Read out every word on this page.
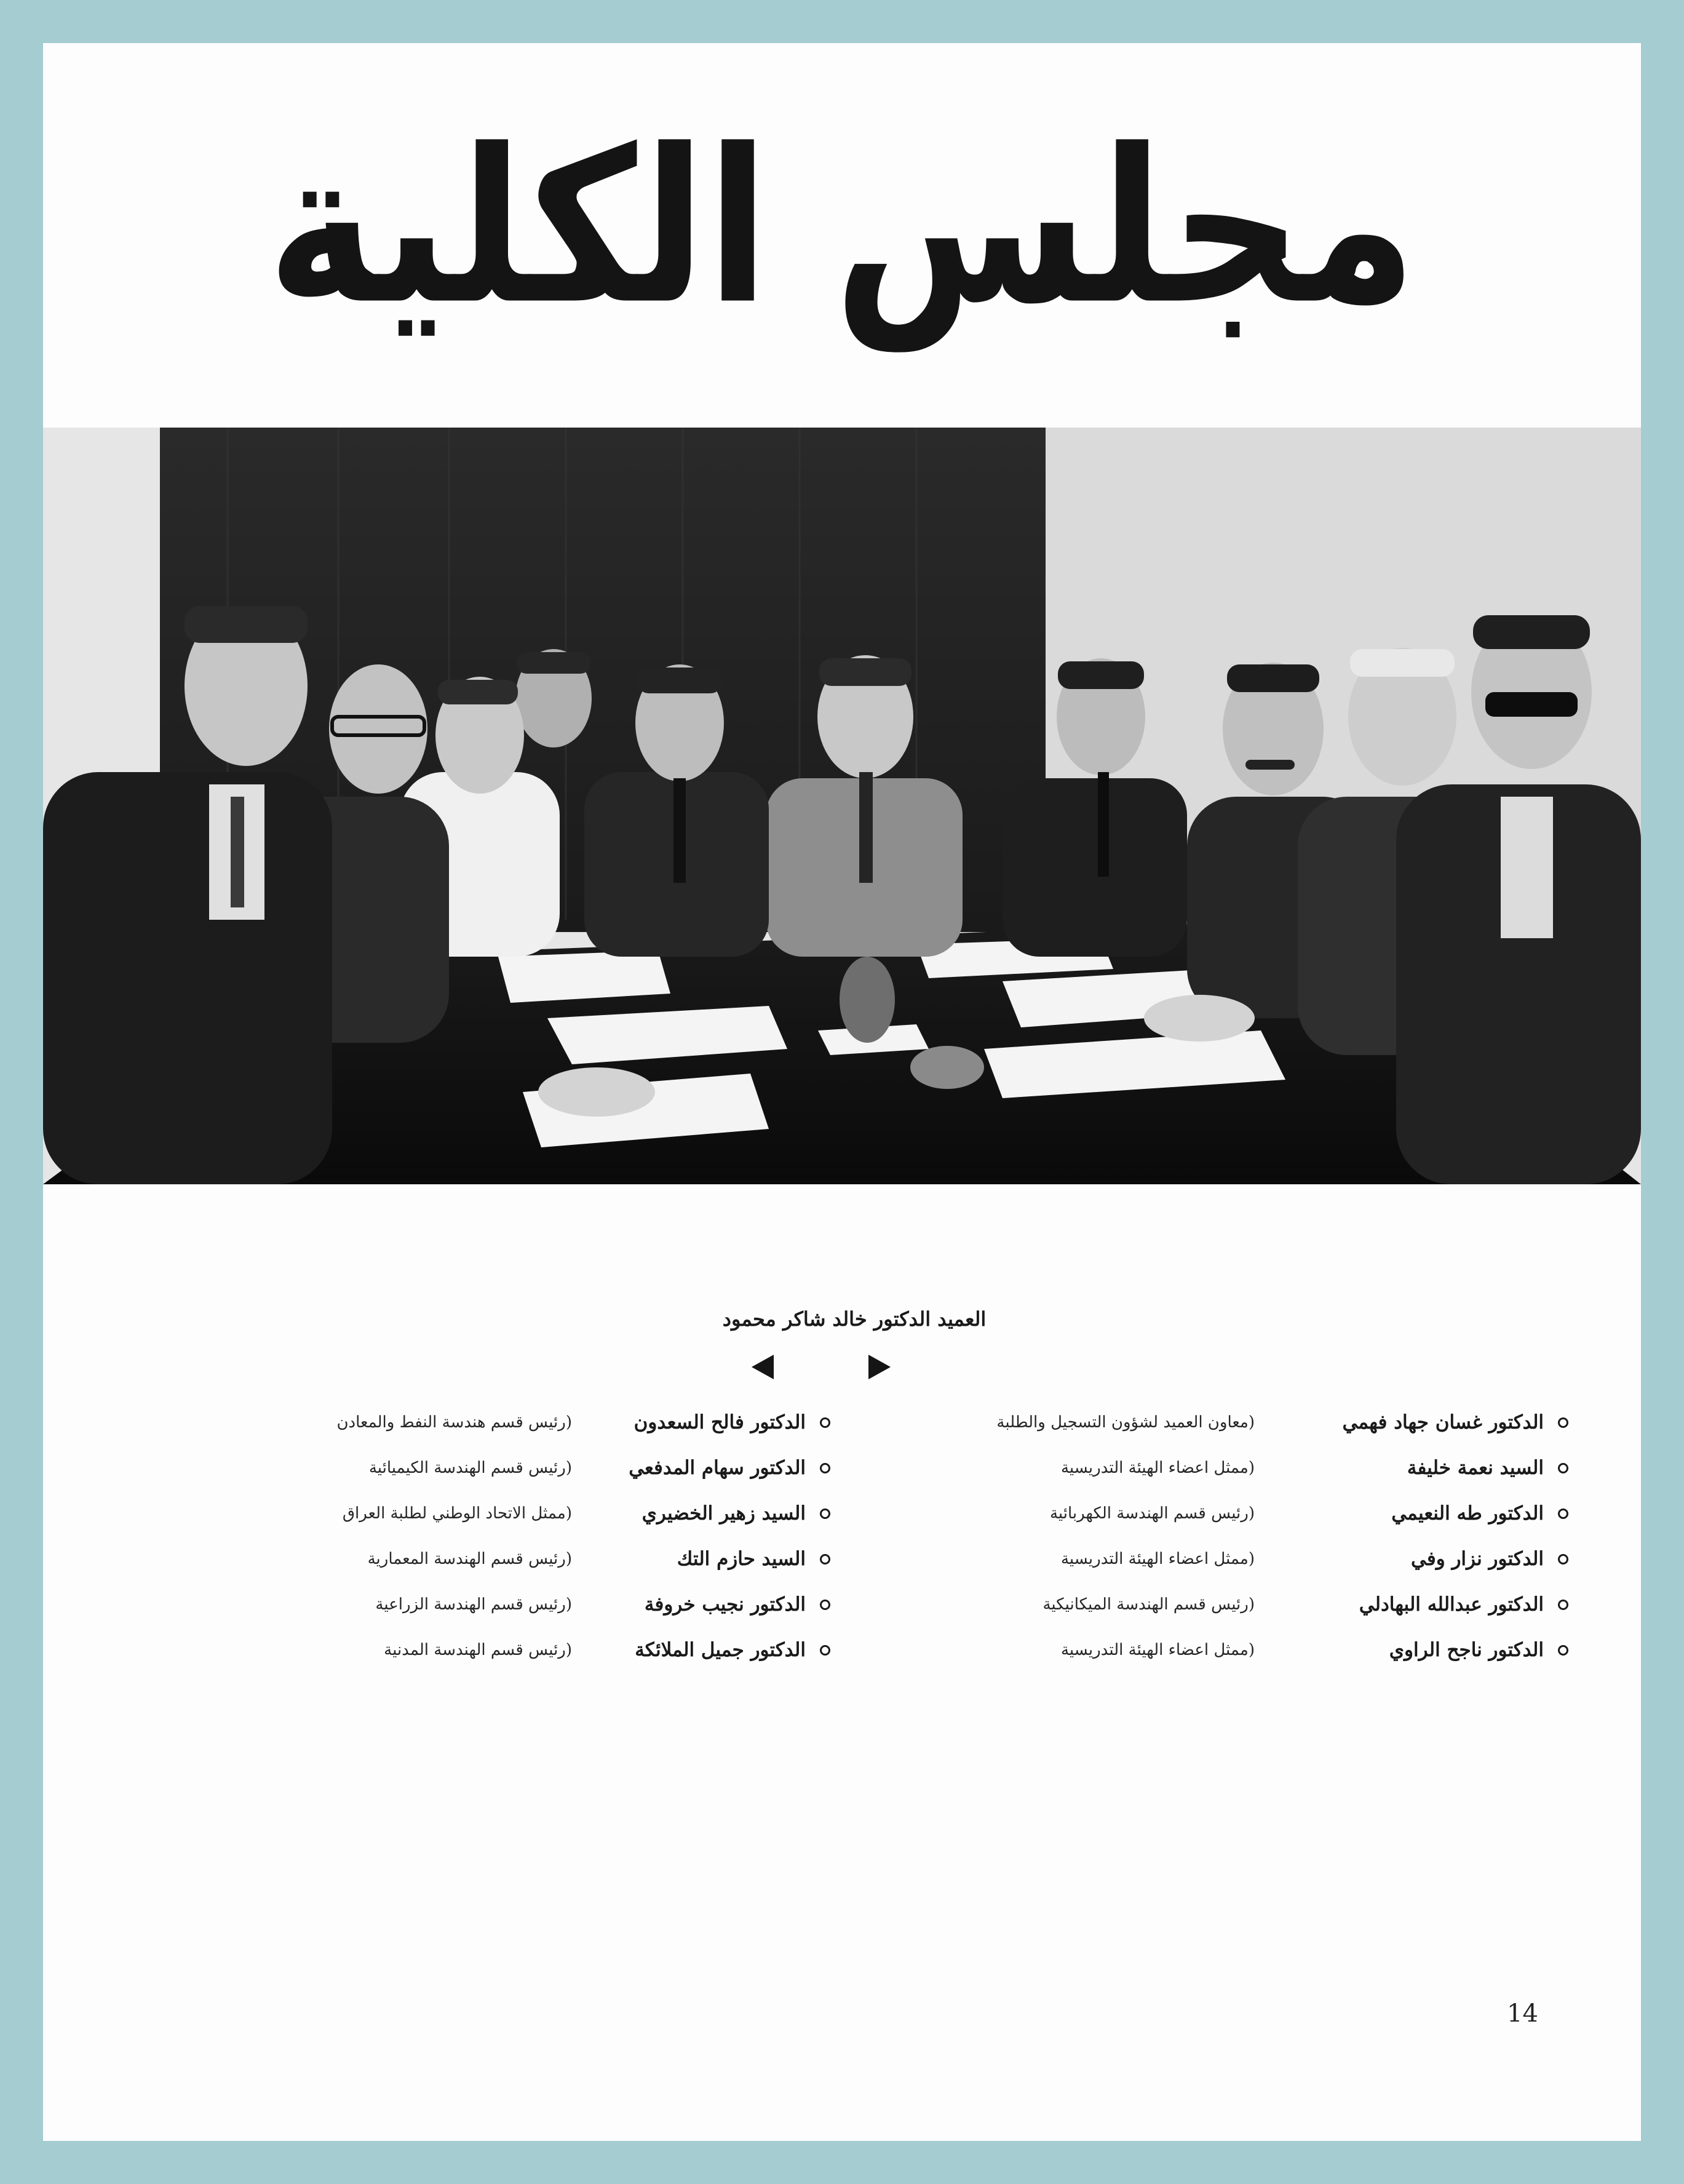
مجلس الكلية
العميد الدكتور خالد شاكر محمود
الدكتور غسان جهاد فهمي
(معاون العميد لشؤون التسجيل والطلبة
السيد نعمة خليفة
(ممثل اعضاء الهيئة التدريسية
الدكتور طه النعيمي
(رئيس قسم الهندسة الكهربائية
الدكتور نزار وفي
(ممثل اعضاء الهيئة التدريسية
الدكتور عبدالله البهادلي
(رئيس قسم الهندسة الميكانيكية
الدكتور ناجح الراوي
(ممثل اعضاء الهيئة التدريسية
الدكتور فالح السعدون
(رئيس قسم هندسة النفط والمعادن
الدكتور سهام المدفعي
(رئيس قسم الهندسة الكيميائية
السيد زهير الخضيري
(ممثل الاتحاد الوطني لطلبة العراق
السيد حازم التك
(رئيس قسم الهندسة المعمارية
الدكتور نجيب خروفة
(رئيس قسم الهندسة الزراعية
الدكتور جميل الملائكة
(رئيس قسم الهندسة المدنية
14
